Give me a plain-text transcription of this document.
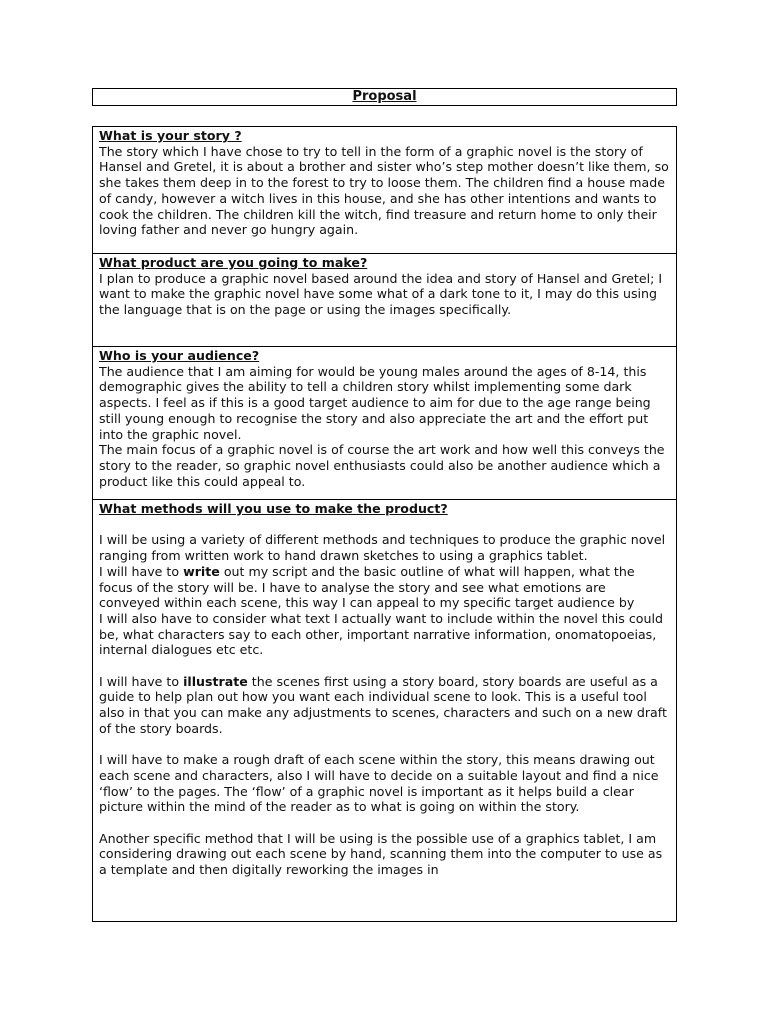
Proposal
What is your story ?

The story which I have chose to try to tell in the form of a graphic novel is the story of Hansel and Gretel, it is about a brother and sister who’s step mother doesn’t like them, so she takes them deep in to the forest to try to loose them. The children find a house made of candy, however a witch lives in this house, and she has other intentions and wants to cook the children. The children kill the witch, find treasure and return home to only their loving father and never go hungry again.

What product are you going to make?

I plan to produce a graphic novel based around the idea and story of Hansel and Gretel; I want to make the graphic novel have some what of a dark tone to it, I may do this using the language that is on the page or using the images specifically.

Who is your audience?

The audience that I am aiming for would be young males around the ages of 8-14, this demographic gives the ability to tell a children story whilst implementing some dark aspects. I feel as if this is a good target audience to aim for due to the age range being still young enough to recognise the story and also appreciate the art and the effort put into the graphic novel.

The main focus of a graphic novel is of course the art work and how well this conveys the story to the reader, so graphic novel enthusiasts could also be another audience which a product like this could appeal to.

What methods will you use to make the product?

I will be using a variety of different methods and techniques to produce the graphic novel ranging from written work to hand drawn sketches to using a graphics tablet.

I will have to write out my script and the basic outline of what will happen, what the focus of the story will be. I have to analyse the story and see what emotions are conveyed within each scene, this way I can appeal to my specific target audience by

I will also have to consider what text I actually want to include within the novel this could be, what characters say to each other, important narrative information, onomatopoeias, internal dialogues etc etc.

I will have to illustrate the scenes first using a story board, story boards are useful as a guide to help plan out how you want each individual scene to look. This is a useful tool also in that you can make any adjustments to scenes, characters and such on a new draft of the story boards.

I will have to make a rough draft of each scene within the story, this means drawing out each scene and characters, also I will have to decide on a suitable layout and find a nice ‘flow’ to the pages. The ‘flow’ of a graphic novel is important as it helps build a clear picture within the mind of the reader as to what is going on within the story.

Another specific method that I will be using is the possible use of a graphics tablet, I am considering drawing out each scene by hand, scanning them into the computer to use as a template and then digitally reworking the images in
